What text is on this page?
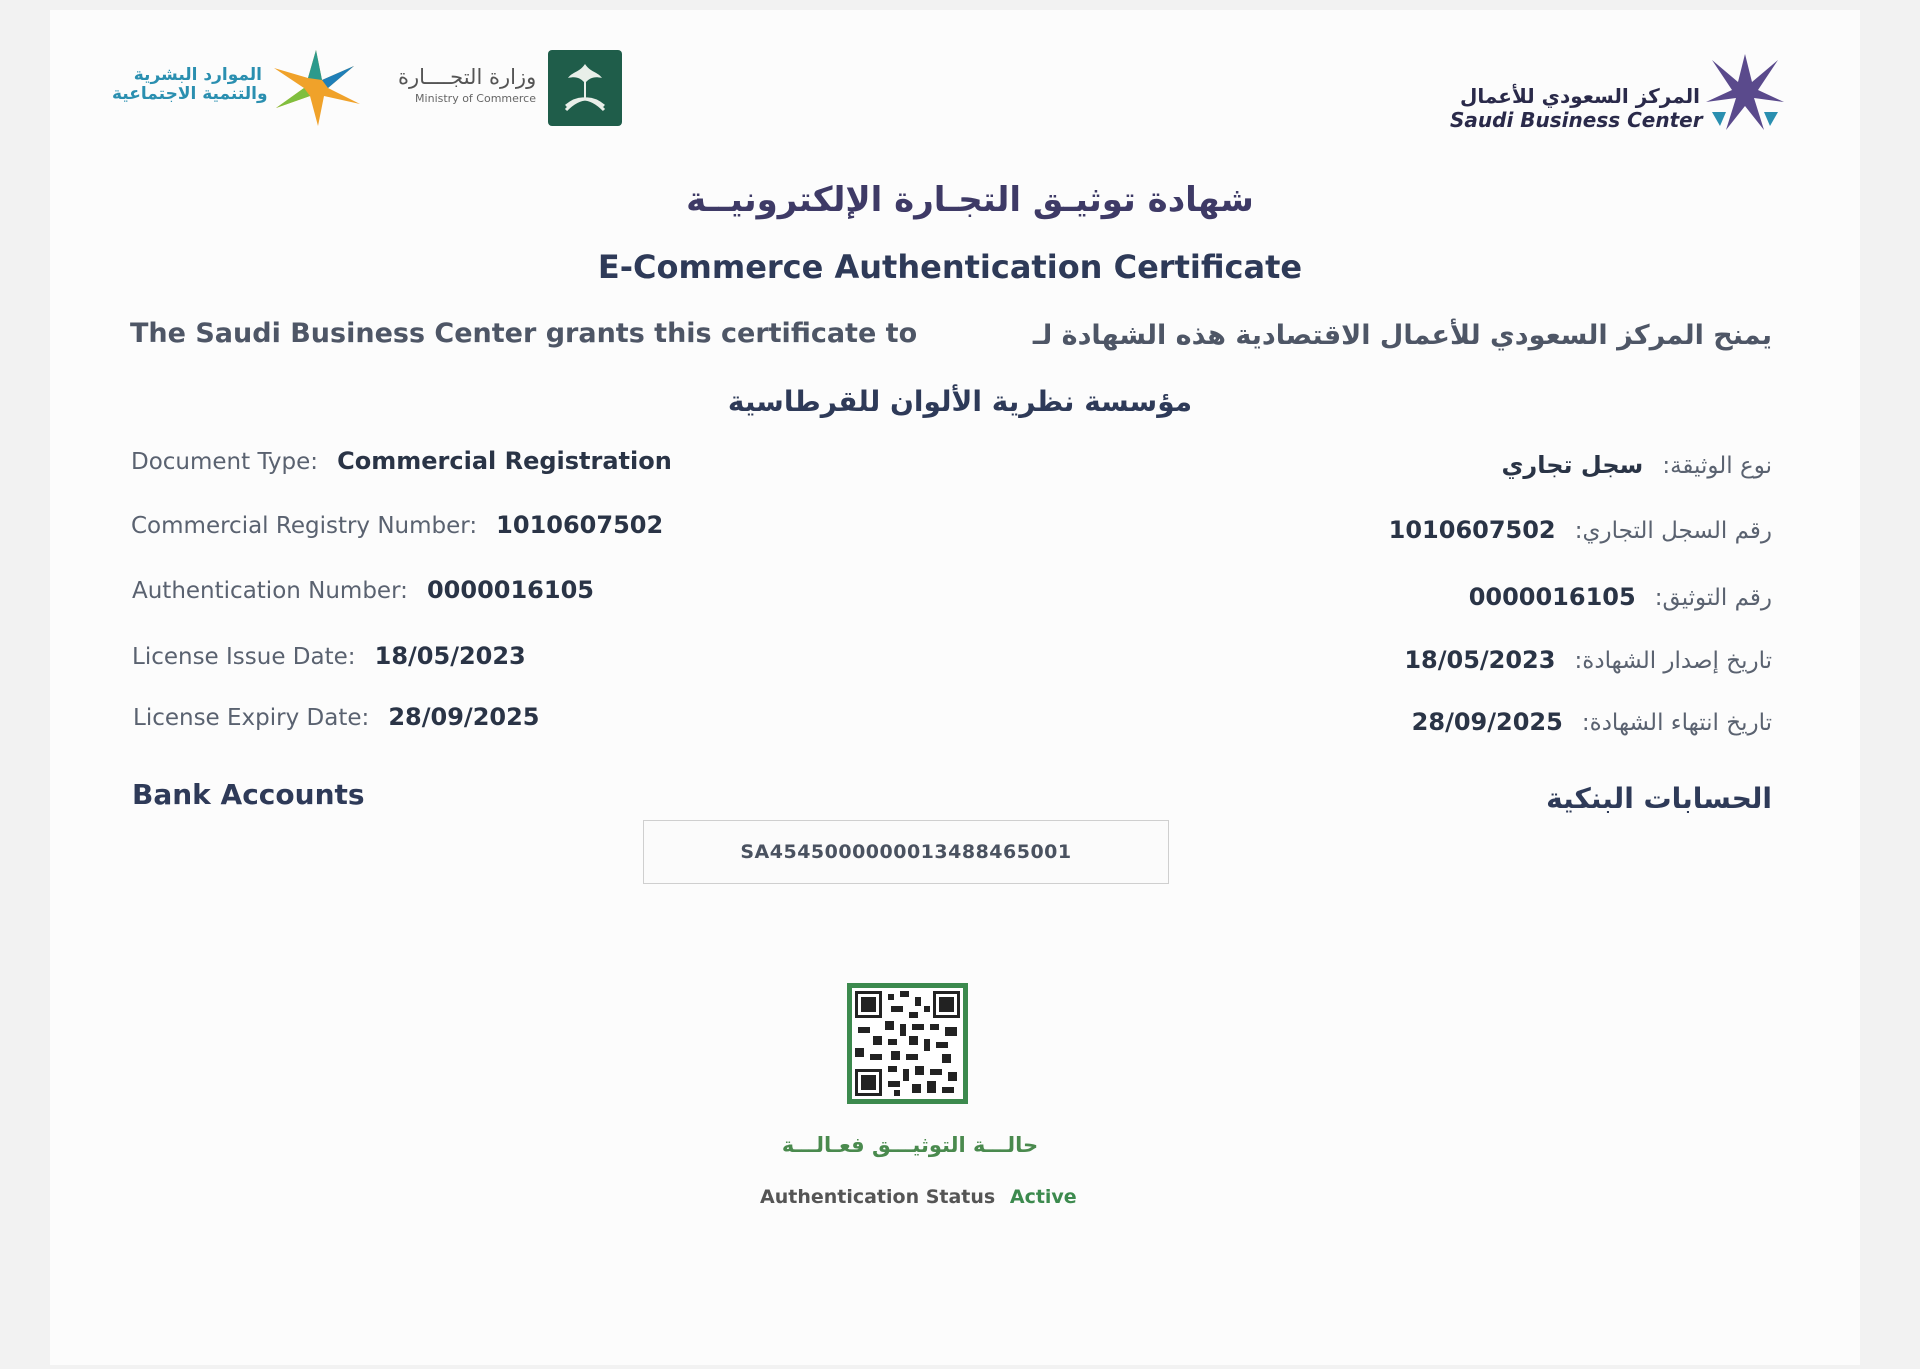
الموارد البشرية
والتنمية الاجتماعية
وزارة التجــــارة
Ministry of Commerce	المركز السعودي للأعمال
Saudi Business Center
شهادة توثيـق التجـارة الإلكترونيــة
E-Commerce Authentication Certificate
The Saudi Business Center grants this certificate to	يمنح المركز السعودي للأعمال الاقتصادية هذه الشهادة لـ
مؤسسة نظرية الألوان للقرطاسية
Document Type: Commercial Registration
Commercial Registry Number: 1010607502
Authentication Number: 0000016105
License Issue Date: 18/05/2023
License Expiry Date: 28/09/2025
نوع الوثيقة: سجل تجاري
رقم السجل التجاري: 1010607502
رقم التوثيق: 0000016105
تاريخ إصدار الشهادة: 18/05/2023
تاريخ انتهاء الشهادة: 28/09/2025
Bank Accounts	الحسابات البنكية
SA4545000000013488465001
حالـــة التوثيـــق فعـالـــة
Authentication Status Active
